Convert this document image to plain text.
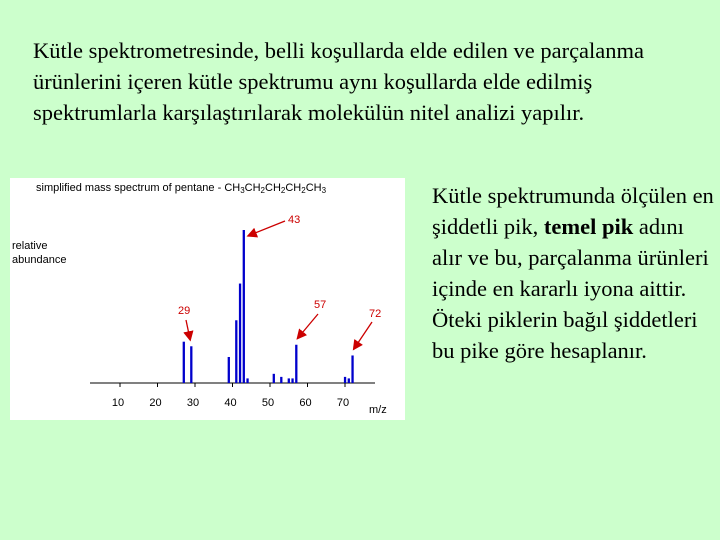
Kütle spektrometresinde, belli koşullarda elde edilen ve parçalanma ürünlerini içeren kütle spektrumu aynı koşullarda elde edilmiş spektrumlarla karşılaştırılarak molekülün nitel analizi yapılır.

Kütle spektrumunda ölçülen en şiddetli pik, temel pik adını alır ve bu, parçalanma ürünleri içinde en kararlı iyona aittir. Öteki piklerin bağıl şiddetleri bu pike göre hesaplanır.

simplified mass spectrum of pentane - CH3CH2CH2CH2CH3
relative
abundance
10 20 30 40 50 60 70
m/z
43
29	57
72
